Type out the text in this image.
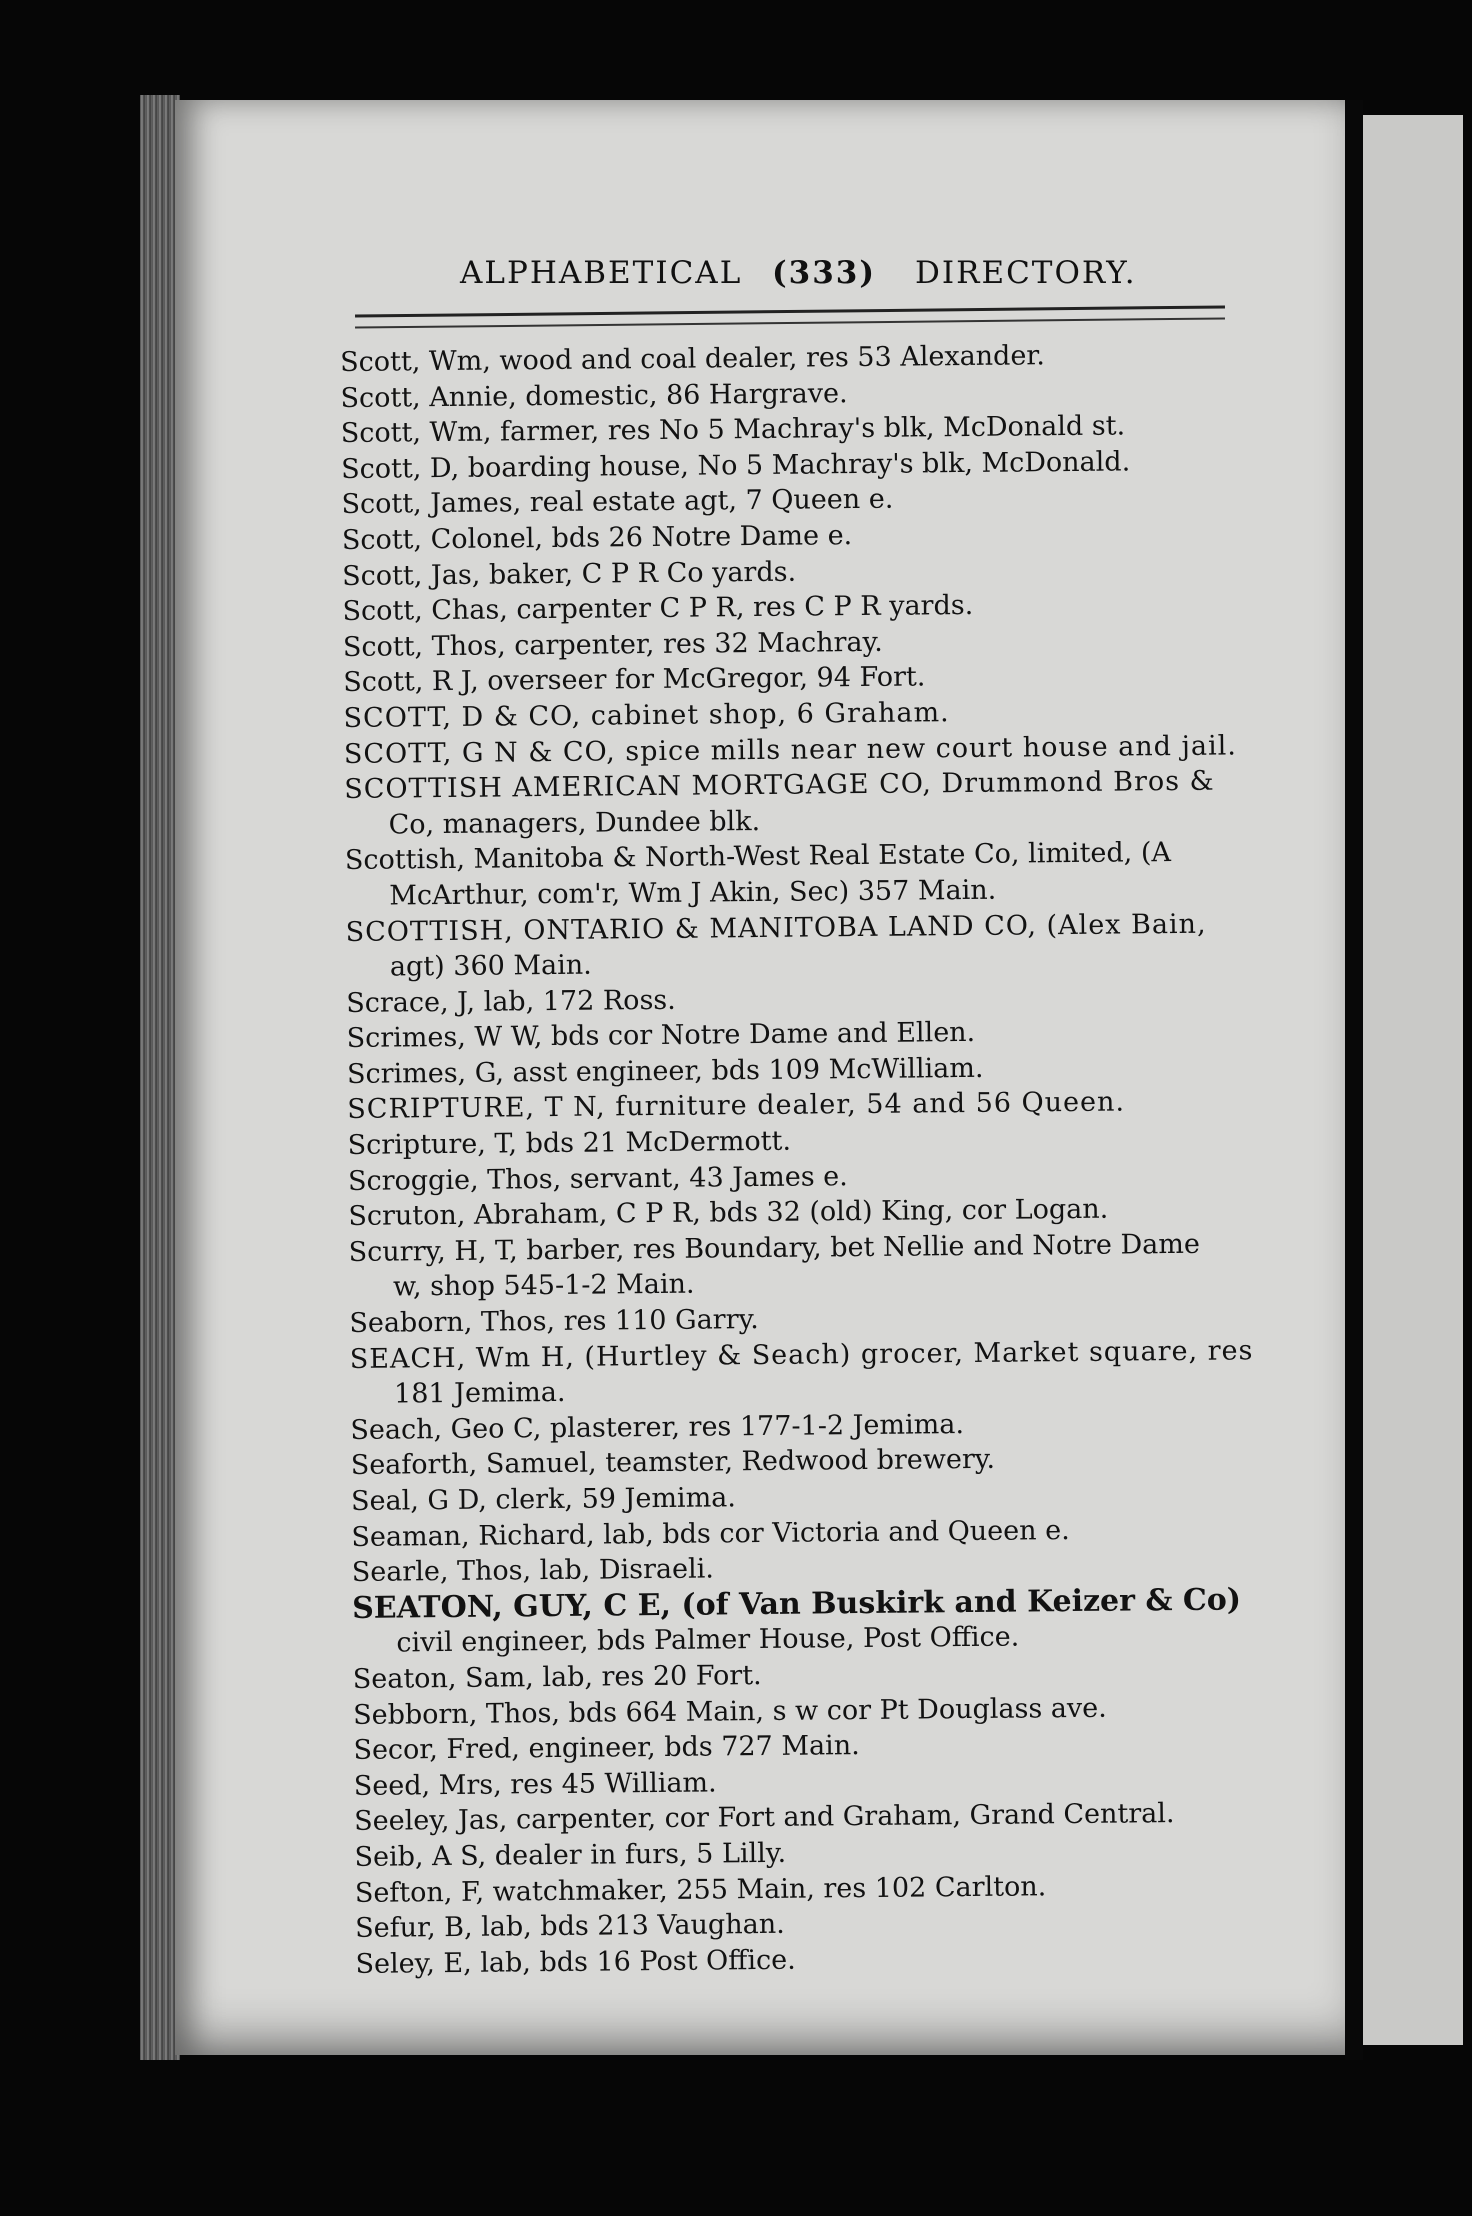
ALPHABETICAL (333) DIRECTORY.
Scott, Wm, wood and coal dealer, res 53 Alexander.
Scott, Annie, domestic, 86 Hargrave.
Scott, Wm, farmer, res No 5 Machray's blk, McDonald st.
Scott, D, boarding house, No 5 Machray's blk, McDonald.
Scott, James, real estate agt, 7 Queen e.
Scott, Colonel, bds 26 Notre Dame e.
Scott, Jas, baker, C P R Co yards.
Scott, Chas, carpenter C P R, res C P R yards.
Scott, Thos, carpenter, res 32 Machray.
Scott, R J, overseer for McGregor, 94 Fort.
SCOTT, D & CO, cabinet shop, 6 Graham.
SCOTT, G N & CO, spice mills near new court house and jail.
SCOTTISH AMERICAN MORTGAGE CO, Drummond Bros &
Co, managers, Dundee blk.
Scottish, Manitoba & North-West Real Estate Co, limited, (A
McArthur, com'r, Wm J Akin, Sec) 357 Main.
SCOTTISH, ONTARIO & MANITOBA LAND CO, (Alex Bain,
agt) 360 Main.
Scrace, J, lab, 172 Ross.
Scrimes, W W, bds cor Notre Dame and Ellen.
Scrimes, G, asst engineer, bds 109 McWilliam.
SCRIPTURE, T N, furniture dealer, 54 and 56 Queen.
Scripture, T, bds 21 McDermott.
Scroggie, Thos, servant, 43 James e.
Scruton, Abraham, C P R, bds 32 (old) King, cor Logan.
Scurry, H, T, barber, res Boundary, bet Nellie and Notre Dame
w, shop 545-1-2 Main.
Seaborn, Thos, res 110 Garry.
SEACH, Wm H, (Hurtley & Seach) grocer, Market square, res
181 Jemima.
Seach, Geo C, plasterer, res 177-1-2 Jemima.
Seaforth, Samuel, teamster, Redwood brewery.
Seal, G D, clerk, 59 Jemima.
Seaman, Richard, lab, bds cor Victoria and Queen e.
Searle, Thos, lab, Disraeli.
SEATON, GUY, C E, (of Van Buskirk and Keizer & Co)
civil engineer, bds Palmer House, Post Office.
Seaton, Sam, lab, res 20 Fort.
Sebborn, Thos, bds 664 Main, s w cor Pt Douglass ave.
Secor, Fred, engineer, bds 727 Main.
Seed, Mrs, res 45 William.
Seeley, Jas, carpenter, cor Fort and Graham, Grand Central.
Seib, A S, dealer in furs, 5 Lilly.
Sefton, F, watchmaker, 255 Main, res 102 Carlton.
Sefur, B, lab, bds 213 Vaughan.
Seley, E, lab, bds 16 Post Office.
